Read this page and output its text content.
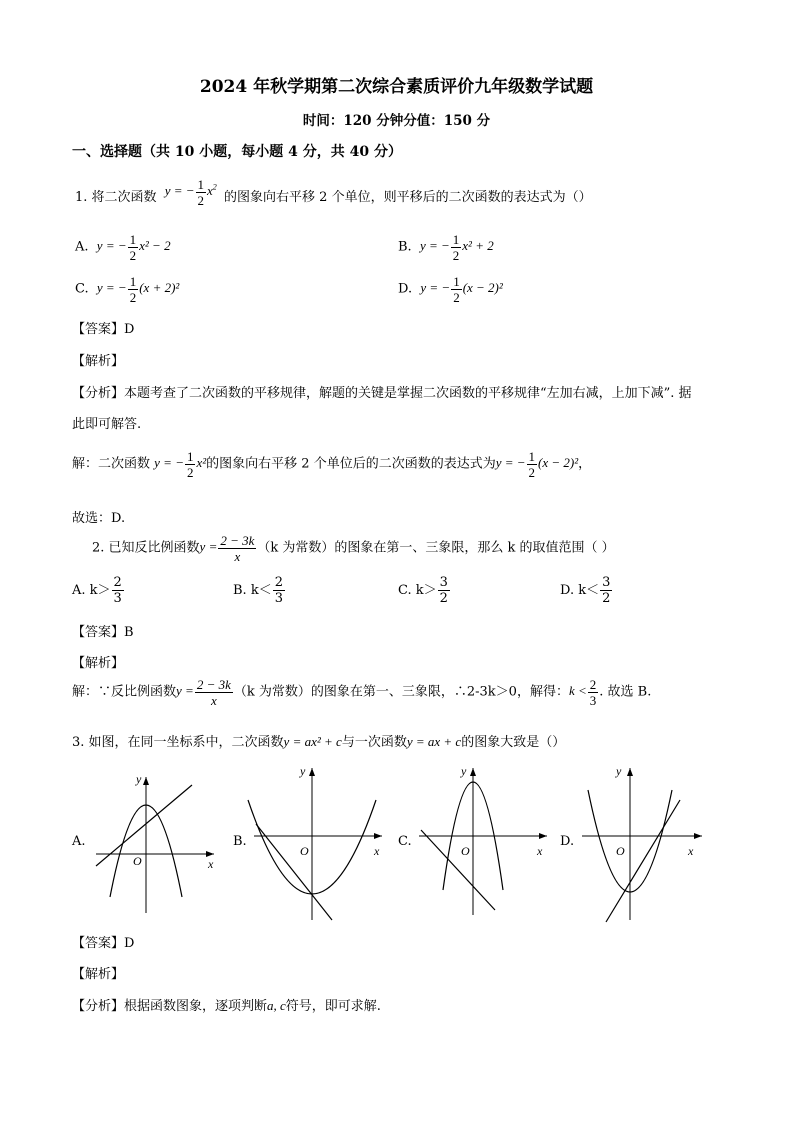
2024 年秋学期第二次综合素质评价九年级数学试题
时间：120 分钟分值：150 分
一、选择题（共 10 小题，每小题 4 分，共 40 分）
1. 将二次函数 y = − $\frac{1}{2} x^2$ 的图象向右平移 2 个单位，则平移后的二次函数的表达式为（）
A. y = − $\frac{1}{2} x^2 - 2$	B. y = − $\frac{1}{2} x^2 + 2$
C. y = − $\frac{1}{2} (x + 2)^2$	D. y = − $\frac{1}{2} (x - 2)^2$
【答案】D
【解析】
【分析】本题考查了二次函数的平移规律，解题的关键是掌握二次函数的平移规律“左加右减，上加下减”. 据
此即可解答.
解：二次函数 y = − $\frac{1}{2} x^2$的图象向右平移 2 个单位后的二次函数的表达式为y = − $\frac{1}{2} (x - 2)^2$，
故选：D.
2. 已知反比例函数$y = \frac{2 - 3k}{x} (k$ 为常数）的图象在第一、三象限，那么 k 的取值范围（ ）
A. $k> \frac{2}{3}$	B. $k< \frac{2}{3}$	C. $k> \frac{3}{2}$	D. $k< \frac{3}{2}$
【答案】B
【解析】
解：∵反比例函数$y = \frac{2 - 3k}{x} (k$ 为常数）的图象在第一、三象限，∴2-3k＞0，解得：$k < \frac{2}{3}$ . 故选 B.
3. 如图，在同一坐标系中，二次函数y = ax² + c与一次函数y = ax + c的图象大致是（）
A.
y
x
O
B.
y
x
O
C.
y
x
O
D.
y
x
O
【答案】D
【解析】
【分析】根据函数图象，逐项判断a, c符号，即可求解.
